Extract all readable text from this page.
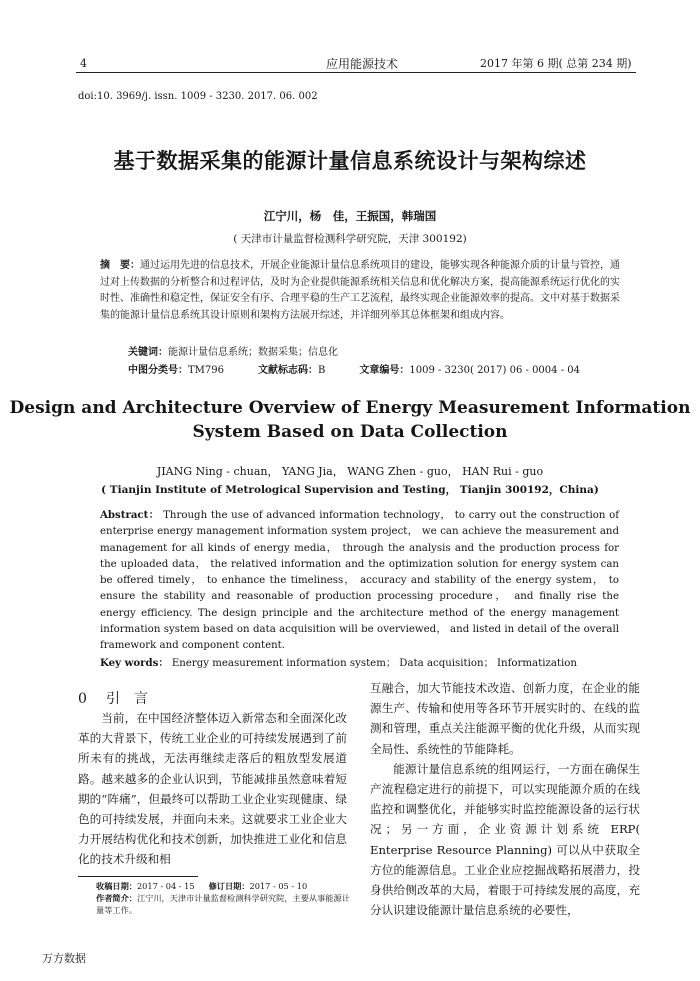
4	应用能源技术	2017 年第 6 期( 总第 234 期)
doi:10. 3969/j. issn. 1009 - 3230. 2017. 06. 002
基于数据采集的能源计量信息系统设计与架构综述
江宁川，杨　佳，王振国，韩瑞国
( 天津市计量监督检测科学研究院，天津 300192)
摘　要：通过运用先进的信息技术，开展企业能源计量信息系统项目的建设，能够实现各种能源介质的计量与管控，通过对上传数据的分析整合和过程评估，及时为企业提供能源系统相关信息和优化解决方案，提高能源系统运行优化的实时性、准确性和稳定性，保证安全有序、合理平稳的生产工艺流程，最终实现企业能源效率的提高。文中对基于数据采集的能源计量信息系统其设计原则和架构方法展开综述，并详细列举其总体框架和组成内容。
关键词：能源计量信息系统；数据采集；信息化
中图分类号：TM796	文献标志码：B	文章编号：1009 - 3230( 2017) 06 - 0004 - 04
Design and Architecture Overview of Energy Measurement Information System Based on Data Collection
JIANG Ning - chuan， YANG Jia， WANG Zhen - guo， HAN Rui - guo
( Tianjin Institute of Metrological Supervision and Testing， Tianjin 300192，China)
Abstract： Through the use of advanced information technology， to carry out the construction of enterprise energy management information system project， we can achieve the measurement and management for all kinds of energy media， through the analysis and the production process for the uploaded data， the relatived information and the optimization solution for energy system can be offered timely， to enhance the timeliness， accuracy and stability of the energy system， to ensure the stability and reasonable of production processing procedure， and finally rise the energy efficiency. The design principle and the architecture method of the energy management information system based on data acquisition will be overviewed， and listed in detail of the overall framework and component content.
Key words： Energy measurement information system； Data acquisition； Informatization
0 引　言

当前，在中国经济整体迈入新常态和全面深化改革的大背景下，传统工业企业的可持续发展遇到了前所未有的挑战，无法再继续走落后的粗放型发展道路。越来越多的企业认识到，节能减排虽然意味着短期的“阵痛”，但最终可以帮助工业企业实现健康、绿色的可持续发展，并面向未来。这就要求工业企业大力开展结构优化和技术创新，加快推进工业化和信息化的技术升级和相

互融合，加大节能技术改造、创新力度，在企业的能源生产、传输和使用等各环节开展实时的、在线的监测和管理，重点关注能源平衡的优化升级，从而实现全局性、系统性的节能降耗。

能源计量信息系统的组网运行，一方面在确保生产流程稳定进行的前提下，可以实现能源介质的在线监控和调整优化，并能够实时监控能源设备的运行状况；另一方面，企业资源计划系统 ERP( Enterprise Resource Planning) 可以从中获取全方位的能源信息。工业企业应挖掘战略拓展潜力，投身供给侧改革的大局，着眼于可持续发展的高度，充分认识建设能源计量信息系统的必要性，

收稿日期：2017 - 04 - 15 修订日期：2017 - 05 - 10
作者简介：江宁川，天津市计量监督检测科学研究院，主要从事能源计量等工作。
万方数据
